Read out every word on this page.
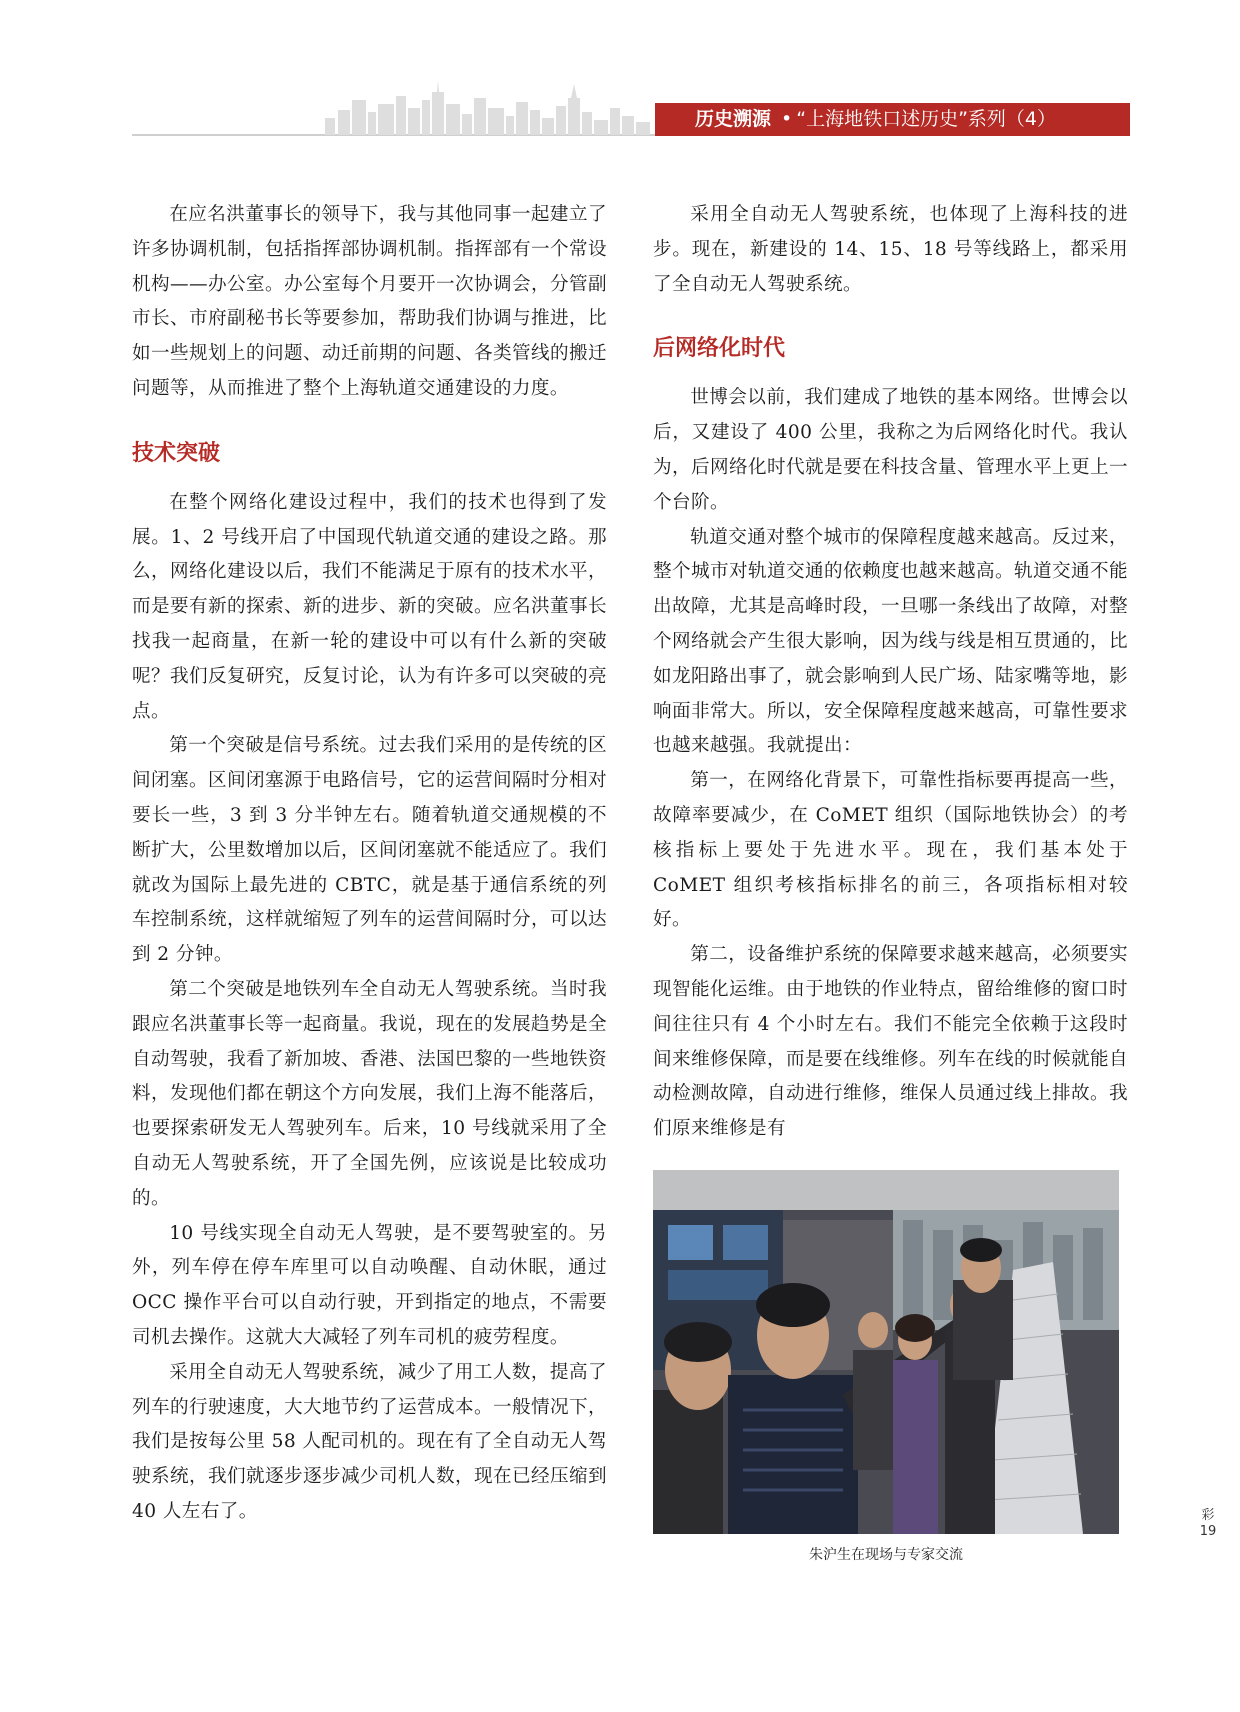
历史溯源 • “上海地铁口述历史”系列（4）

在应名洪董事长的领导下，我与其他同事一起建立了许多协调机制，包括指挥部协调机制。指挥部有一个常设机构——办公室。办公室每个月要开一次协调会，分管副市长、市府副秘书长等要参加，帮助我们协调与推进，比如一些规划上的问题、动迁前期的问题、各类管线的搬迁问题等，从而推进了整个上海轨道交通建设的力度。

技术突破

在整个网络化建设过程中，我们的技术也得到了发展。1、2 号线开启了中国现代轨道交通的建设之路。那么，网络化建设以后，我们不能满足于原有的技术水平，而是要有新的探索、新的进步、新的突破。应名洪董事长找我一起商量，在新一轮的建设中可以有什么新的突破呢？我们反复研究，反复讨论，认为有许多可以突破的亮点。

第一个突破是信号系统。过去我们采用的是传统的区间闭塞。区间闭塞源于电路信号，它的运营间隔时分相对要长一些，3 到 3 分半钟左右。随着轨道交通规模的不断扩大，公里数增加以后，区间闭塞就不能适应了。我们就改为国际上最先进的 CBTC，就是基于通信系统的列车控制系统，这样就缩短了列车的运营间隔时分，可以达到 2 分钟。

第二个突破是地铁列车全自动无人驾驶系统。当时我跟应名洪董事长等一起商量。我说，现在的发展趋势是全自动驾驶，我看了新加坡、香港、法国巴黎的一些地铁资料，发现他们都在朝这个方向发展，我们上海不能落后，也要探索研发无人驾驶列车。后来，10 号线就采用了全自动无人驾驶系统，开了全国先例，应该说是比较成功的。

10 号线实现全自动无人驾驶，是不要驾驶室的。另外，列车停在停车库里可以自动唤醒、自动休眠，通过 OCC 操作平台可以自动行驶，开到指定的地点，不需要司机去操作。这就大大减轻了列车司机的疲劳程度。

采用全自动无人驾驶系统，减少了用工人数，提高了列车的行驶速度，大大地节约了运营成本。一般情况下，我们是按每公里 58 人配司机的。现在有了全自动无人驾驶系统，我们就逐步逐步减少司机人数，现在已经压缩到 40 人左右了。

采用全自动无人驾驶系统，也体现了上海科技的进步。现在，新建设的 14、15、18 号等线路上，都采用了全自动无人驾驶系统。

后网络化时代

世博会以前，我们建成了地铁的基本网络。世博会以后，又建设了 400 公里，我称之为后网络化时代。我认为，后网络化时代就是要在科技含量、管理水平上更上一个台阶。

轨道交通对整个城市的保障程度越来越高。反过来，整个城市对轨道交通的依赖度也越来越高。轨道交通不能出故障，尤其是高峰时段，一旦哪一条线出了故障，对整个网络就会产生很大影响，因为线与线是相互贯通的，比如龙阳路出事了，就会影响到人民广场、陆家嘴等地，影响面非常大。所以，安全保障程度越来越高，可靠性要求也越来越强。我就提出：

第一，在网络化背景下，可靠性指标要再提高一些，故障率要减少，在 CoMET 组织（国际地铁协会）的考核指标上要处于先进水平。现在，我们基本处于 CoMET 组织考核指标排名的前三，各项指标相对较好。

第二，设备维护系统的保障要求越来越高，必须要实现智能化运维。由于地铁的作业特点，留给维修的窗口时间往往只有 4 个小时左右。我们不能完全依赖于这段时间来维修保障，而是要在线维修。列车在线的时候就能自动检测故障，自动进行维修，维保人员通过线上排故。我们原来维修是有

朱沪生在现场与专家交流
彩
19
